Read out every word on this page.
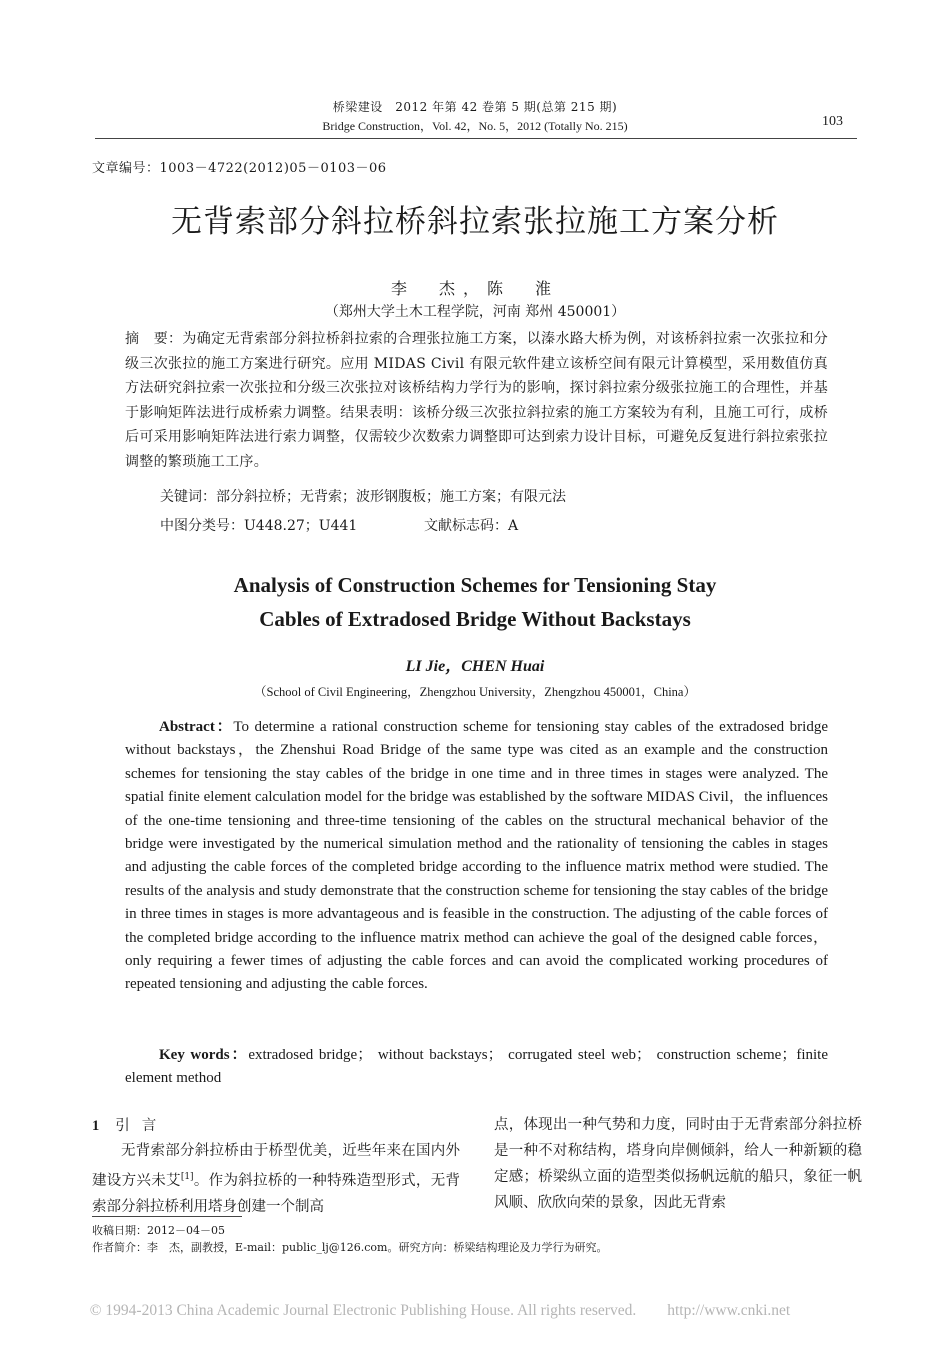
桥梁建设　2012 年第 42 卷第 5 期(总第 215 期)
Bridge Construction，Vol. 42，No. 5，2012 (Totally No. 215)	103
文章编号：1003－4722(2012)05－0103－06
无背索部分斜拉桥斜拉索张拉施工方案分析
李　杰，陈　淮
（郑州大学土木工程学院，河南 郑州 450001）
摘　要：为确定无背索部分斜拉桥斜拉索的合理张拉施工方案，以溱水路大桥为例，对该桥斜拉索一次张拉和分级三次张拉的施工方案进行研究。应用 MIDAS Civil 有限元软件建立该桥空间有限元计算模型，采用数值仿真方法研究斜拉索一次张拉和分级三次张拉对该桥结构力学行为的影响，探讨斜拉索分级张拉施工的合理性，并基于影响矩阵法进行成桥索力调整。结果表明：该桥分级三次张拉斜拉索的施工方案较为有利，且施工可行，成桥后可采用影响矩阵法进行索力调整，仅需较少次数索力调整即可达到索力设计目标，可避免反复进行斜拉索张拉调整的繁琐施工工序。
关键词：部分斜拉桥；无背索；波形钢腹板；施工方案；有限元法
中图分类号：U448.27；U441	文献标志码：A
Analysis of Construction Schemes for Tensioning Stay
Cables of Extradosed Bridge Without Backstays
LI Jie，CHEN Huai
（School of Civil Engineering，Zhengzhou University，Zhengzhou 450001，China）
Abstract：To determine a rational construction scheme for tensioning stay cables of the extradosed bridge without backstays，the Zhenshui Road Bridge of the same type was cited as an example and the construction schemes for tensioning the stay cables of the bridge in one time and in three times in stages were analyzed. The spatial finite element calculation model for the bridge was established by the software MIDAS Civil，the influences of the one-time tensioning and three-time tensioning of the cables on the structural mechanical behavior of the bridge were investigated by the numerical simulation method and the rationality of tensioning the cables in stages and adjusting the cable forces of the completed bridge according to the influence matrix method were studied. The results of the analysis and study demonstrate that the construction scheme for tensioning the stay cables of the bridge in three times in stages is more advantageous and is feasible in the construction. The adjusting of the cable forces of the completed bridge according to the influence matrix method can achieve the goal of the designed cable forces，only requiring a fewer times of adjusting the cable forces and can avoid the complicated working procedures of repeated tensioning and adjusting the cable forces.
Key words：extradosed bridge； without backstays； corrugated steel web； construction scheme；finite element method
1 引言
无背索部分斜拉桥由于桥型优美，近些年来在国内外建设方兴未艾[1]。作为斜拉桥的一种特殊造型形式，无背索部分斜拉桥利用塔身创建一个制高
点，体现出一种气势和力度，同时由于无背索部分斜拉桥是一种不对称结构，塔身向岸侧倾斜，给人一种新颖的稳定感；桥梁纵立面的造型类似扬帆远航的船只，象征一帆风顺、欣欣向荣的景象，因此无背索
收稿日期：2012－04－05
作者简介：李　杰，副教授，E-mail：public_lj@126.com。研究方向：桥梁结构理论及力学行为研究。
© 1994-2013 China Academic Journal Electronic Publishing House. All rights reserved.　　http://www.cnki.net
